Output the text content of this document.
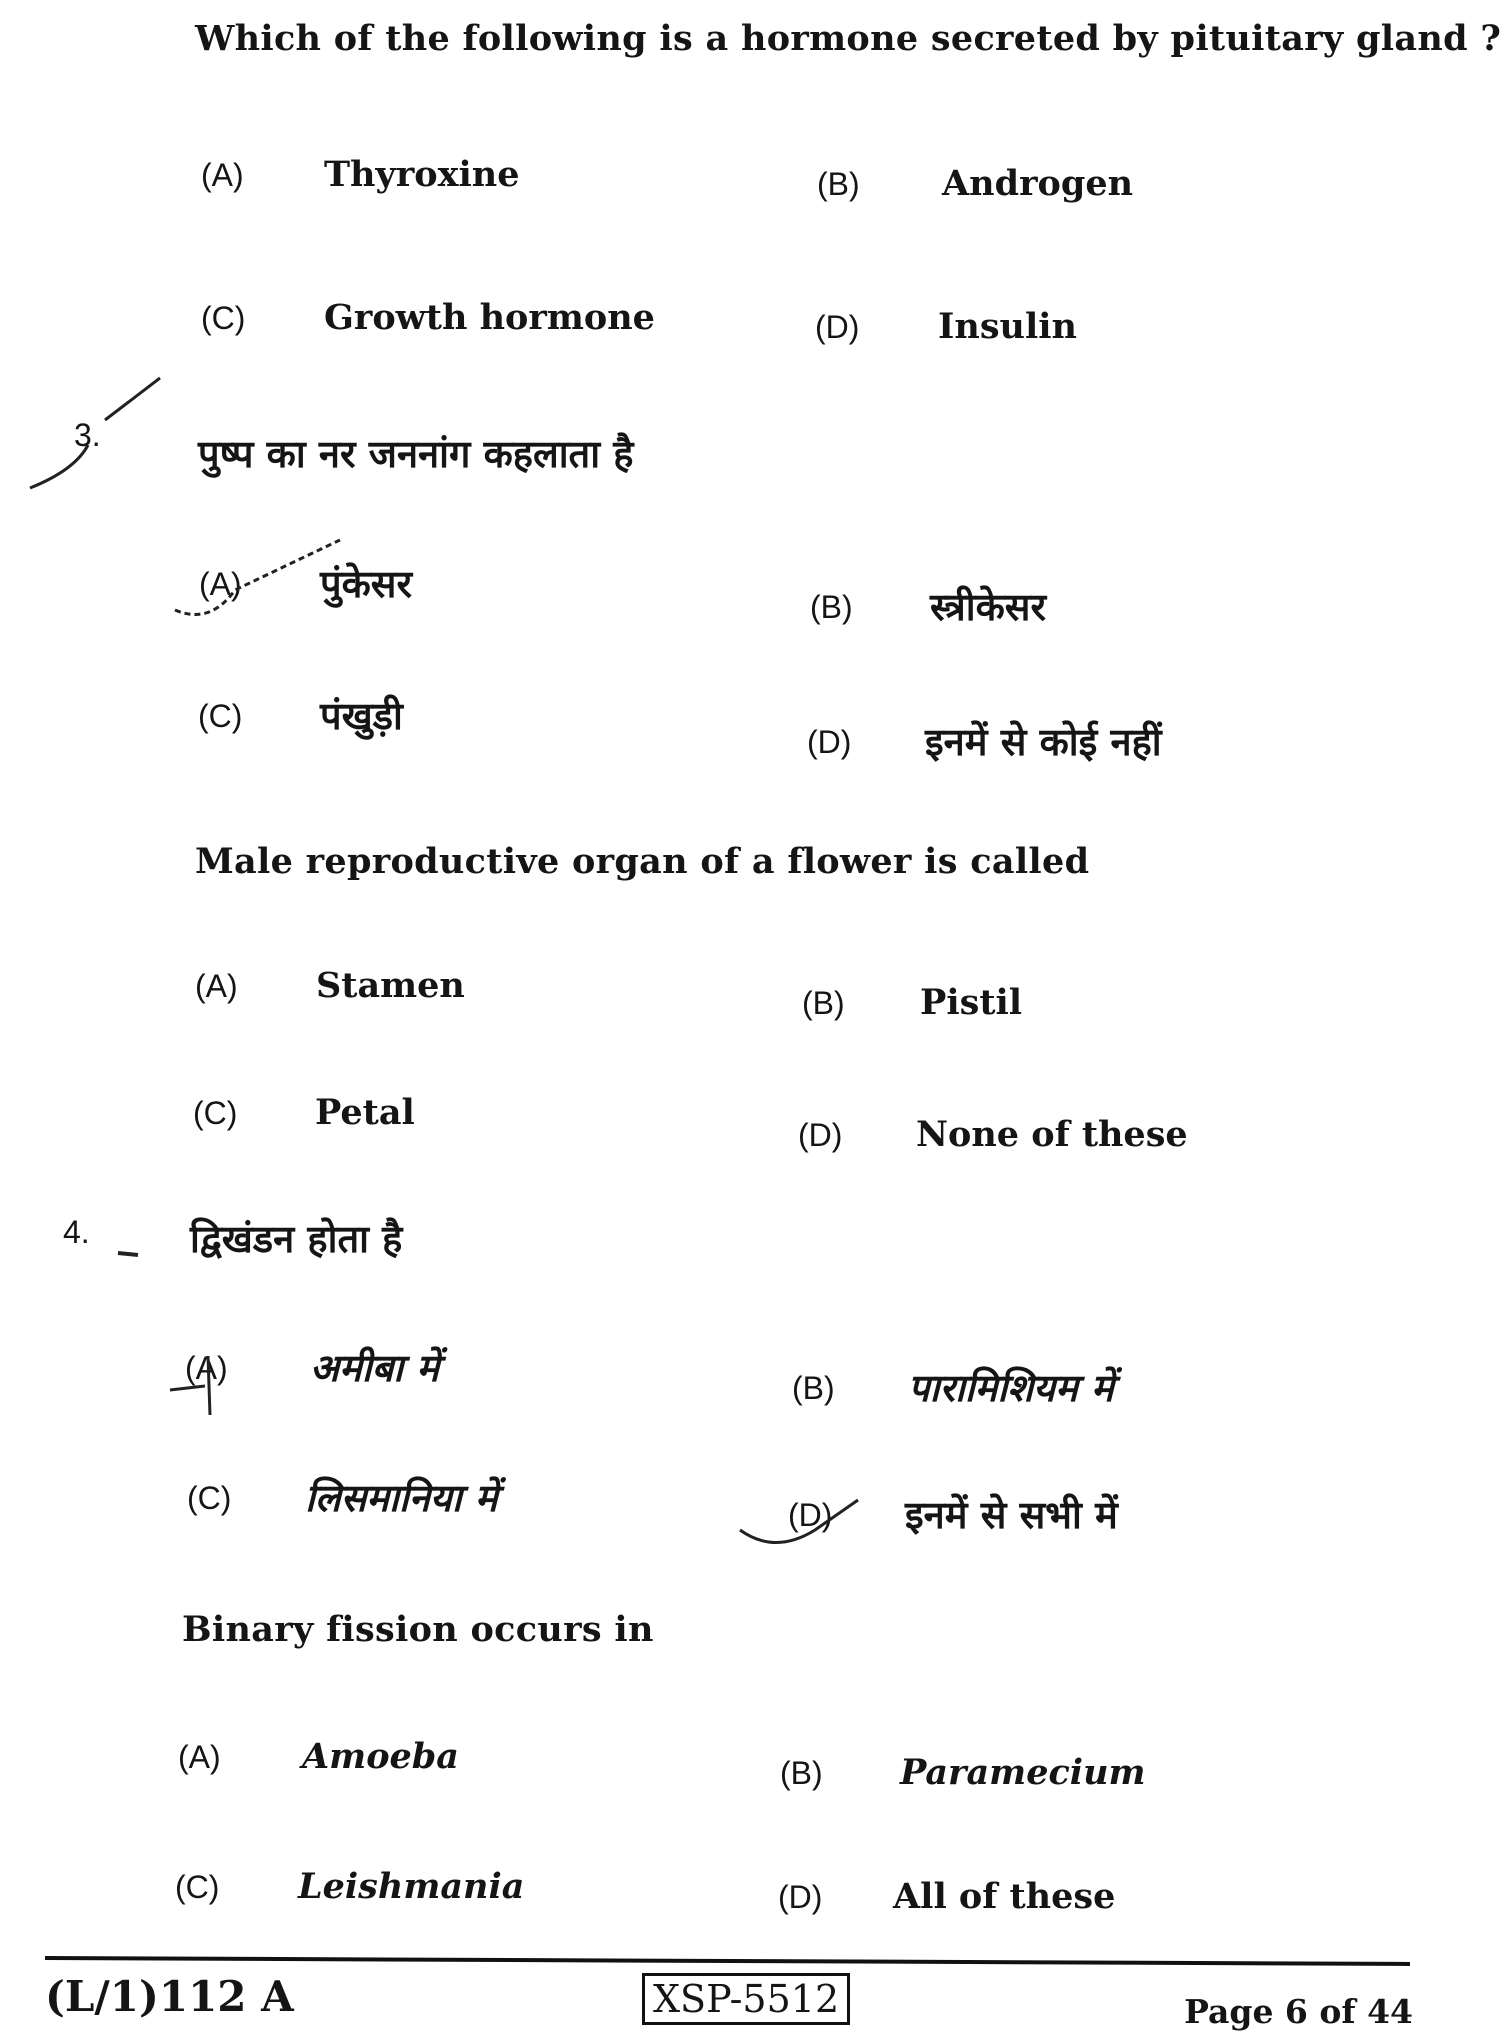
Which of the following is a hormone secreted by pituitary gland ?
(A) Thyroxine	(B) Androgen
(C) Growth hormone	(D) Insulin
3.	पुष्प का नर जननांग कहलाता है
(A) पुंकेसर
(B) स्त्रीकेसर
(C) पंखुड़ी
(D) इनमें से कोई नहीं
Male reproductive organ of a flower is called
(A) Stamen	(B) Pistil
(C) Petal
(D) None of these
4.	द्विखंडन होता है
(A) अमीबा में	(B) पारामिशियम में
(C) लिसमानिया में	(D) इनमें से सभी में
Binary fission occurs in
(A) Amoeba	(B) Paramecium
(C) Leishmania	(D) All of these
(L/1)112 A	XSP-5512	Page 6 of 44
